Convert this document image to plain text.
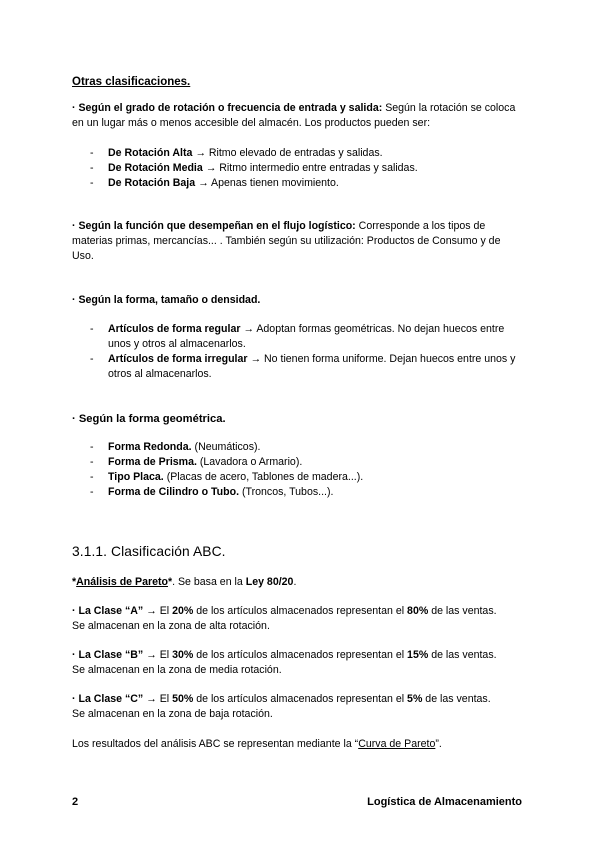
Otras clasificaciones.

· Según el grado de rotación o frecuencia de entrada y salida: Según la rotación se coloca en un lugar más o menos accesible del almacén. Los productos pueden ser:

- De Rotación Alta → Ritmo elevado de entradas y salidas.
- De Rotación Media → Ritmo intermedio entre entradas y salidas.
- De Rotación Baja → Apenas tienen movimiento.

· Según la función que desempeñan en el flujo logístico: Corresponde a los tipos de materias primas, mercancías... . También según su utilización: Productos de Consumo y de Uso.

· Según la forma, tamaño o densidad.

- Artículos de forma regular → Adoptan formas geométricas. No dejan huecos entre unos y otros al almacenarlos.
- Artículos de forma irregular → No tienen forma uniforme. Dejan huecos entre unos y otros al almacenarlos.
· Según la forma geométrica.
- Forma Redonda. (Neumáticos).
- Forma de Prisma. (Lavadora o Armario).
- Tipo Placa. (Placas de acero, Tablones de madera...).
- Forma de Cilindro o Tubo. (Troncos, Tubos...).
3.1.1. Clasificación ABC.

*Análisis de Pareto*. Se basa en la Ley 80/20.

· La Clase “A” → El 20% de los artículos almacenados representan el 80% de las ventas.

Se almacenan en la zona de alta rotación.

· La Clase “B” → El 30% de los artículos almacenados representan el 15% de las ventas.

Se almacenan en la zona de media rotación.

· La Clase “C” → El 50% de los artículos almacenados representan el 5% de las ventas.

Se almacenan en la zona de baja rotación.

Los resultados del análisis ABC se representan mediante la “Curva de Pareto”.

2	Logística de Almacenamiento
